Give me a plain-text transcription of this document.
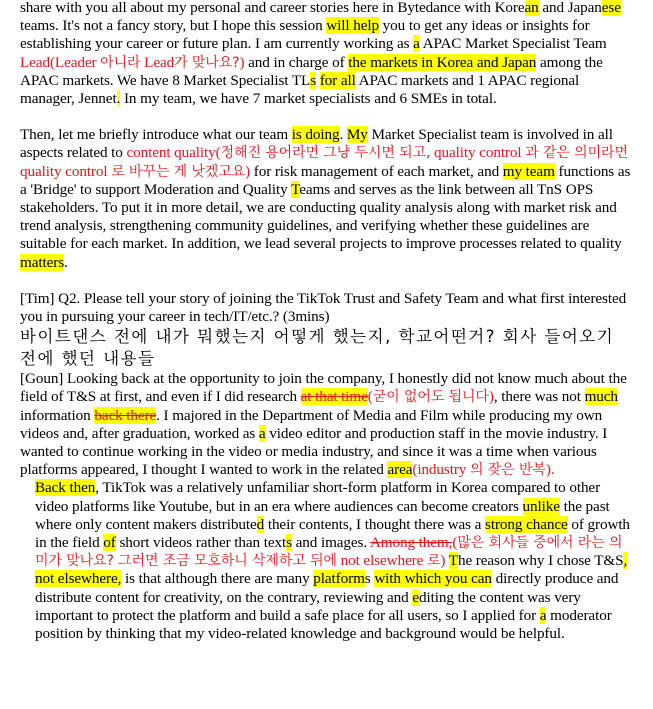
share with you all about my personal and career stories here in Bytedance with Korean and Japanese teams. It's not a fancy story, but I hope this session will help you to get any ideas or insights for establishing your career or future plan. I am currently working as a APAC Market Specialist Team Lead(Leader 아니라 Lead가 맞나요?) and in charge of the markets in Korea and Japan among the APAC markets. We have 8 Market Specialist TLs for all APAC markets and 1 APAC regional manager, Jennet. In my team, we have 7 market specialists and 6 SMEs in total.

Then, let me briefly introduce what our team is doing. My Market Specialist team is involved in all aspects related to content quality(정해진 용어라면 그냥 두시면 되고, quality control 과 같은 의미라면 quality control 로 바꾸는 게 낫겠고요) for risk management of each market, and my team functions as a 'Bridge' to support Moderation and Quality Teams and serves as the link between all TnS OPS stakeholders. To put it in more detail, we are conducting quality analysis along with market risk and trend analysis, strengthening community guidelines, and verifying whether these guidelines are suitable for each market. In addition, we lead several projects to improve processes related to quality matters.

[Tim] Q2. Please tell your story of joining the TikTok Trust and Safety Team and what first interested you in pursuing your career in tech/IT/etc.? (3mins)

바이트댄스 전에 내가 뭐했는지 어떻게 했는지, 학교어떤거? 회사 들어오기 전에 했던 내용들

[Goun] Looking back at the opportunity to join the company, I honestly did not know much about the field of T&S at first, and even if I did research at that time(굳이 없어도 됩니다), there was not much information back there. I majored in the Department of Media and Film while producing my own videos and, after graduation, worked as a video editor and production staff in the movie industry. I wanted to continue working in the video or media industry, and since it was a time when various platforms appeared, I thought I wanted to work in the related area(industry 의 잦은 반복).

Back then, TikTok was a relatively unfamiliar short-form platform in Korea compared to other video platforms like Youtube, but in an era where audiences can become creators unlike the past where only content makers distributed their contents, I thought there was a strong chance of growth in the field of short videos rather than texts and images. Among them,(많은 회사들 중에서 라는 의미가 맞나요? 그러면 조금 모호하니 삭제하고 뒤에 not elsewhere 로) The reason why I chose T&S, not elsewhere, is that although there are many platforms with which you can directly produce and distribute content for creativity, on the contrary, reviewing and editing the content was very important to protect the platform and build a safe place for all users, so I applied for a moderator position by thinking that my video-related knowledge and background would be helpful.
